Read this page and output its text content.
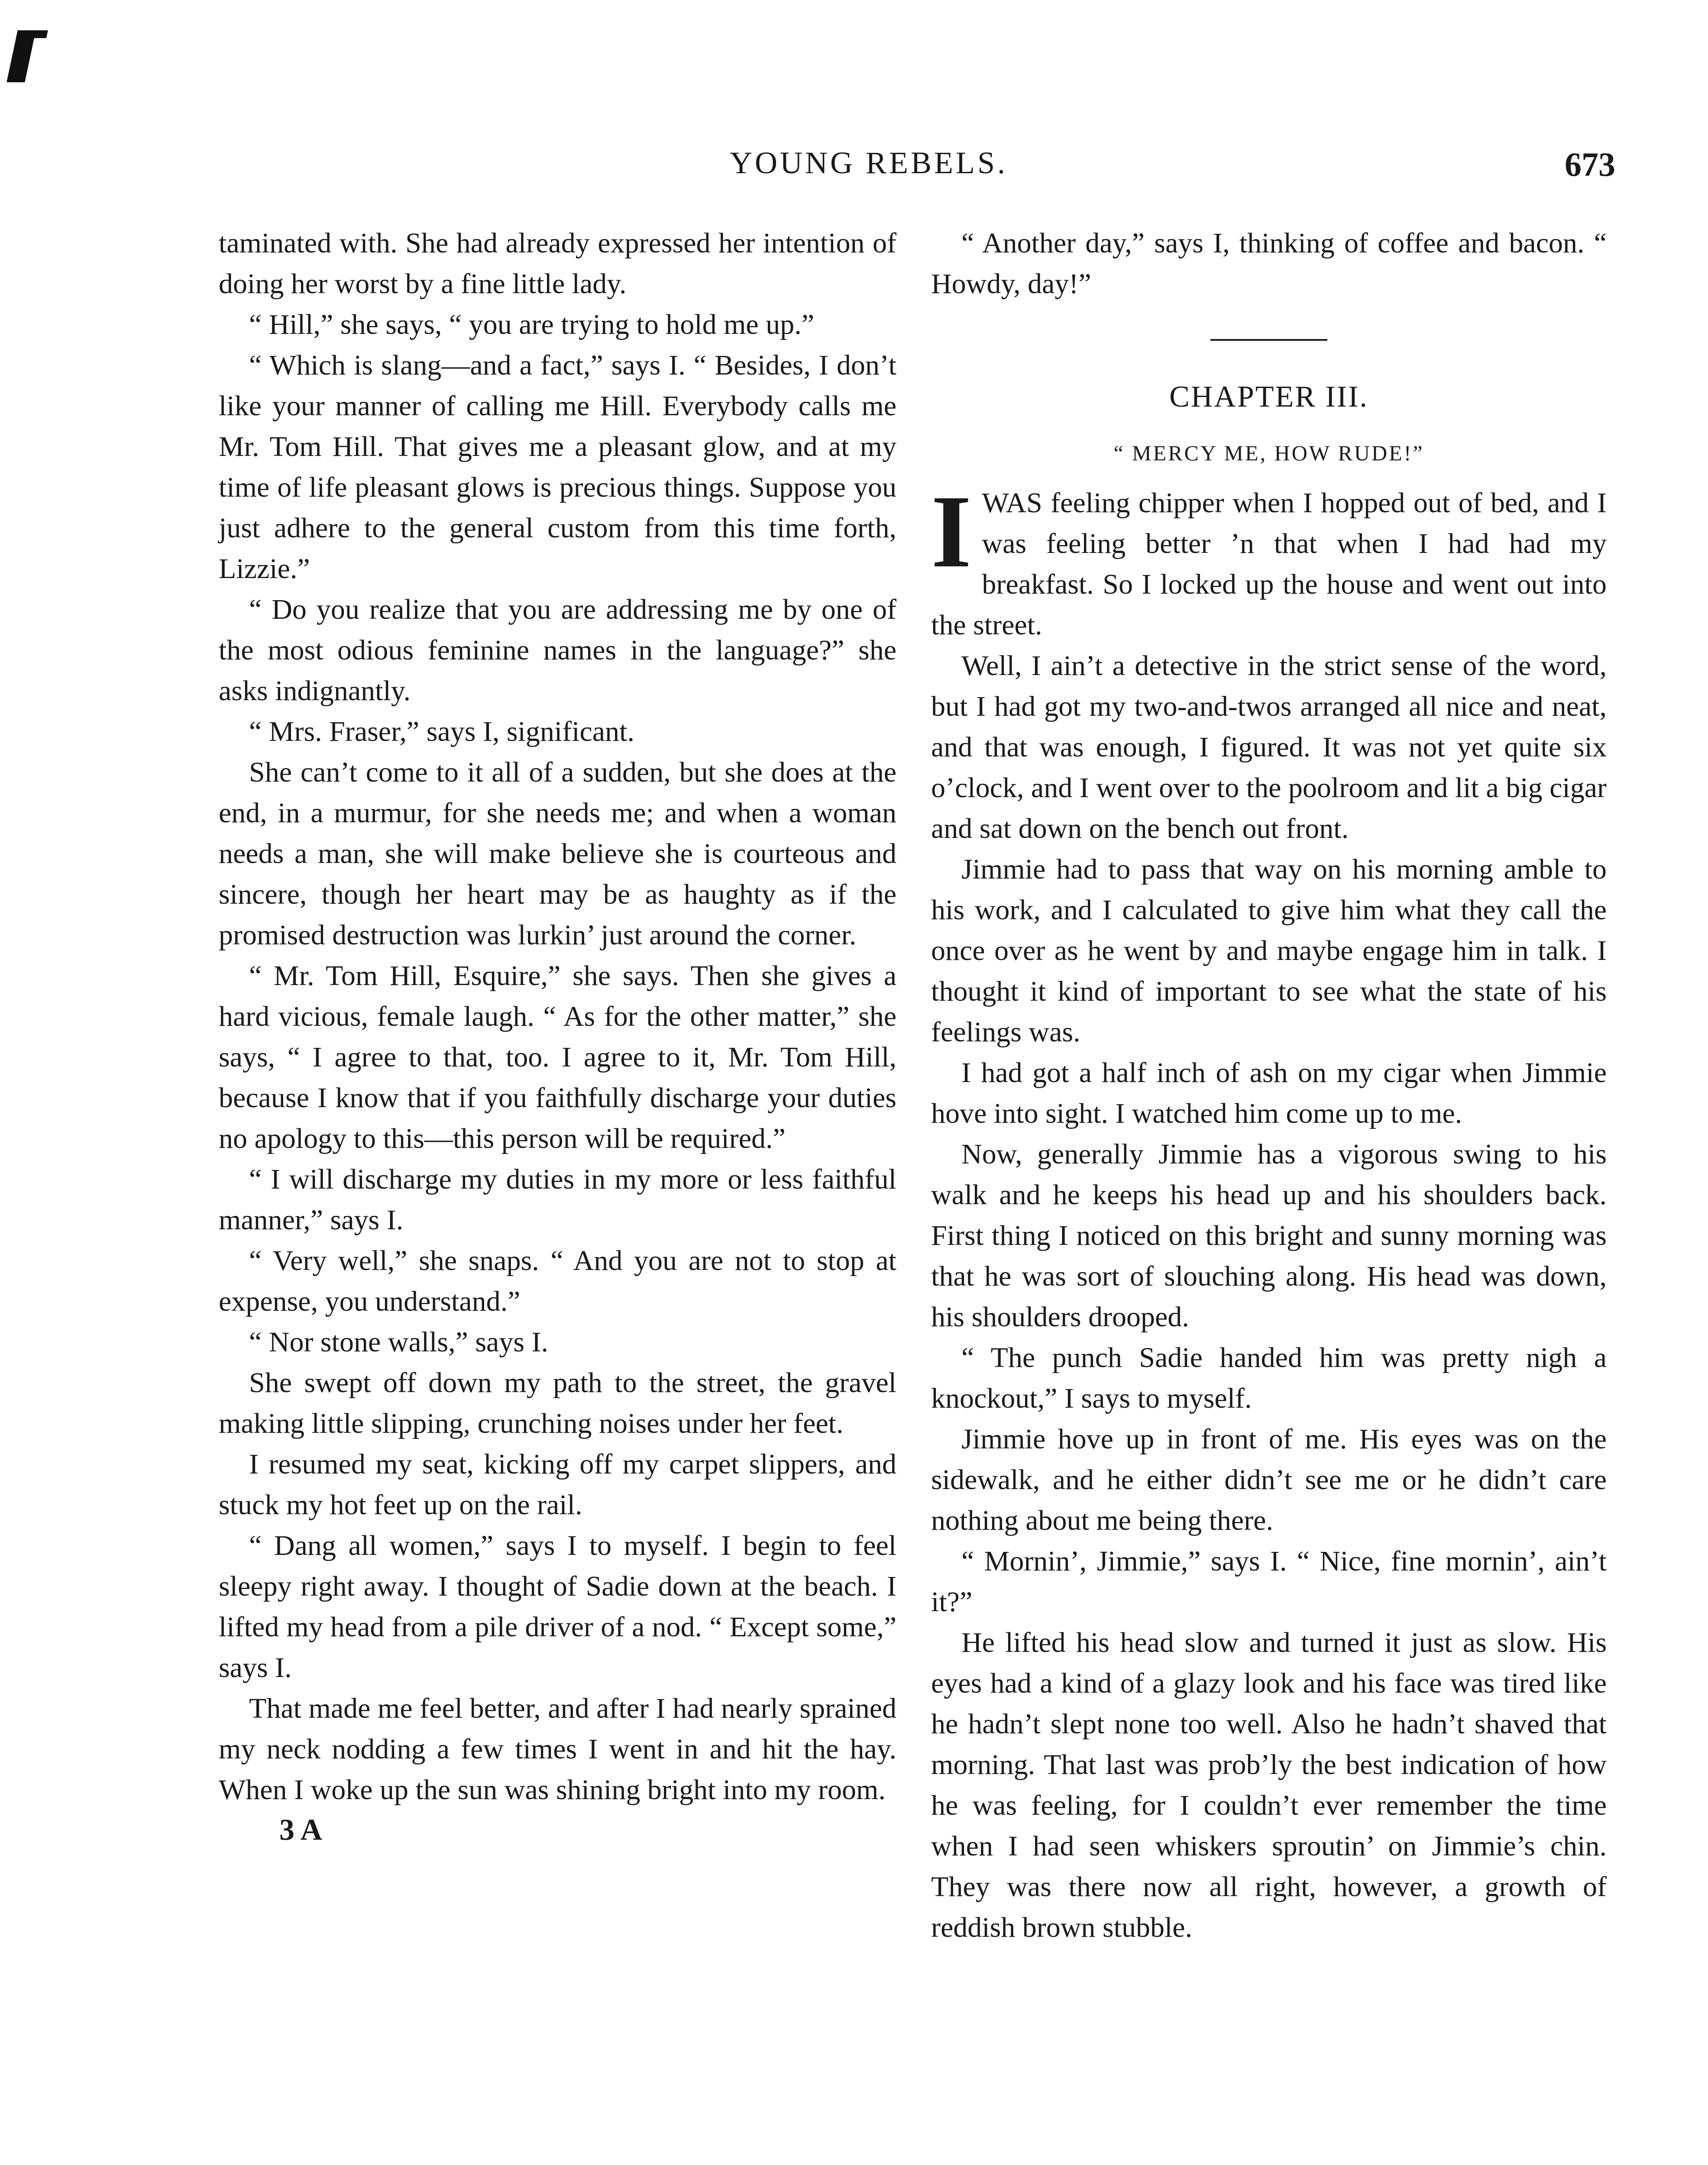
YOUNG REBELS.	673

taminated with. She had already expressed her intention of doing her worst by a fine little lady.

“ Hill,” she says, “ you are trying to hold me up.”

“ Which is slang—and a fact,” says I. “ Besides, I don’t like your manner of calling me Hill. Everybody calls me Mr. Tom Hill. That gives me a pleasant glow, and at my time of life pleasant glows is precious things. Suppose you just adhere to the general custom from this time forth, Lizzie.”

“ Do you realize that you are addressing me by one of the most odious feminine names in the language?” she asks indignantly.

“ Mrs. Fraser,” says I, significant.

She can’t come to it all of a sudden, but she does at the end, in a murmur, for she needs me; and when a woman needs a man, she will make believe she is courteous and sincere, though her heart may be as haughty as if the promised destruction was lurkin’ just around the corner.

“ Mr. Tom Hill, Esquire,” she says. Then she gives a hard vicious, female laugh. “ As for the other matter,” she says, “ I agree to that, too. I agree to it, Mr. Tom Hill, because I know that if you faithfully discharge your duties no apology to this—this person will be required.”

“ I will discharge my duties in my more or less faithful manner,” says I.

“ Very well,” she snaps. “ And you are not to stop at expense, you understand.”

“ Nor stone walls,” says I.

She swept off down my path to the street, the gravel making little slipping, crunching noises under her feet.

I resumed my seat, kicking off my carpet slippers, and stuck my hot feet up on the rail.

“ Dang all women,” says I to myself. I begin to feel sleepy right away. I thought of Sadie down at the beach. I lifted my head from a pile driver of a nod. “ Except some,” says I.

That made me feel better, and after I had nearly sprained my neck nodding a few times I went in and hit the hay. When I woke up the sun was shining bright into my room.

3 A

“ Another day,” says I, thinking of coffee and bacon. “ Howdy, day!”

CHAPTER III.
“ MERCY ME, HOW RUDE!”

IWAS feeling chipper when I hopped out of bed, and I was feeling better ’n that when I had had my breakfast. So I locked up the house and went out into the street.

Well, I ain’t a detective in the strict sense of the word, but I had got my two-and-twos arranged all nice and neat, and that was enough, I figured. It was not yet quite six o’clock, and I went over to the poolroom and lit a big cigar and sat down on the bench out front.

Jimmie had to pass that way on his morning amble to his work, and I calculated to give him what they call the once over as he went by and maybe engage him in talk. I thought it kind of important to see what the state of his feelings was.

I had got a half inch of ash on my cigar when Jimmie hove into sight. I watched him come up to me.

Now, generally Jimmie has a vigorous swing to his walk and he keeps his head up and his shoulders back. First thing I noticed on this bright and sunny morning was that he was sort of slouching along. His head was down, his shoulders drooped.

“ The punch Sadie handed him was pretty nigh a knockout,” I says to myself.

Jimmie hove up in front of me. His eyes was on the sidewalk, and he either didn’t see me or he didn’t care nothing about me being there.

“ Mornin’, Jimmie,” says I. “ Nice, fine mornin’, ain’t it?”

He lifted his head slow and turned it just as slow. His eyes had a kind of a glazy look and his face was tired like he hadn’t slept none too well. Also he hadn’t shaved that morning. That last was prob’ly the best indication of how he was feeling, for I couldn’t ever remember the time when I had seen whiskers sproutin’ on Jimmie’s chin. They was there now all right, however, a growth of reddish brown stubble.
